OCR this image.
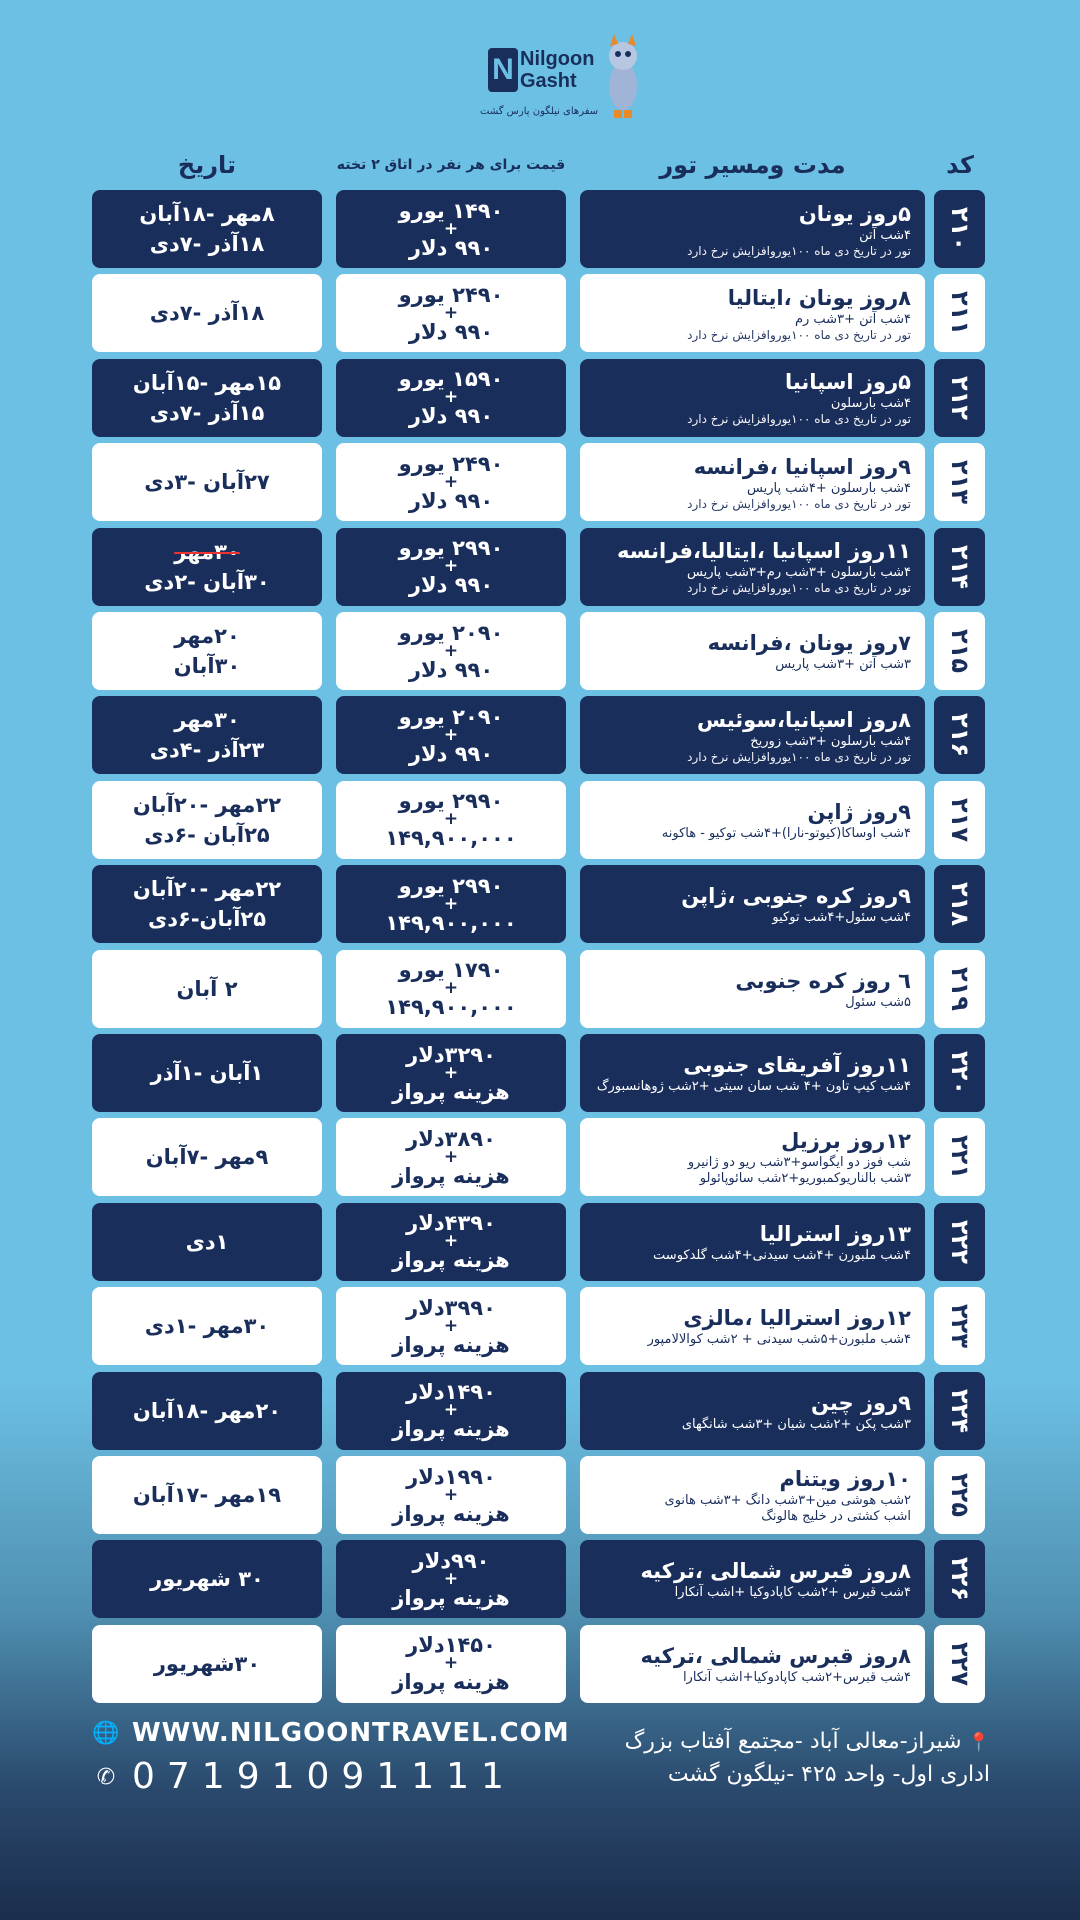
N Nilgoon
Gasht
سفرهای نیلگون پارس گشت
کد
مدت ومسیر تور
قیمت برای هر نفر در اتاق ۲ تخته
تاریخ
۲۱۰
۵روز یونان
۴شب آتن
تور در تاریخ دی ماه ۱۰۰یوروافزایش نرخ دارد
۱۴۹۰ یورو
+
۹۹۰ دلار
۸مهر -۱۸آبان
۱۸آذر -۷دی
۲۱۱
۸روز یونان ،ایتالیا
۴شب آتن +۳شب رم
تور در تاریخ دی ماه ۱۰۰یوروافزایش نرخ دارد
۲۴۹۰ یورو
+
۹۹۰ دلار
۱۸آذر -۷دی
۲۱۲
۵روز اسپانیا
۴شب بارسلون
تور در تاریخ دی ماه ۱۰۰یوروافزایش نرخ دارد
۱۵۹۰ یورو
+
۹۹۰ دلار
۱۵مهر -۱۵آبان
۱۵آذر -۷دی
۲۱۳
۹روز اسپانیا ،فرانسه
۴شب بارسلون +۴شب پاریس
تور در تاریخ دی ماه ۱۰۰یوروافزایش نرخ دارد
۲۴۹۰ یورو
+
۹۹۰ دلار
۲۷آبان -۳دی
۲۱۴
۱۱روز اسپانیا ،ایتالیا،فرانسه
۴شب بارسلون +۳شب رم+۳شب پاریس
تور در تاریخ دی ماه ۱۰۰یوروافزایش نرخ دارد
۲۹۹۰ یورو
+
۹۹۰ دلار
۳۰مهر
۳۰آبان -۲دی
۲۱۵
۷روز یونان ،فرانسه
۳شب آتن +۳شب پاریس
۲۰۹۰ یورو
+
۹۹۰ دلار
۲۰مهر
۳۰آبان
۲۱۶
۸روز اسپانیا،سوئیس
۴شب بارسلون +۳شب زوریخ
تور در تاریخ دی ماه ۱۰۰یوروافزایش نرخ دارد
۲۰۹۰ یورو
+
۹۹۰ دلار
۳۰مهر
۲۳آذر -۴دی
۲۱۷
۹روز ژاپن
۴شب اوساکا(کیوتو-نارا)+۴شب توکیو - هاکونه
۲۹۹۰ یورو
+
۱۴۹,۹۰۰,۰۰۰
۲۲مهر -۲۰آبان
۲۵آبان -۶دی
۲۱۸
۹روز کره جنوبی ،ژاپن
۴شب سئول+۴شب توکیو
۲۹۹۰ یورو
+
۱۴۹,۹۰۰,۰۰۰
۲۲مهر -۲۰آبان
۲۵آبان-۶دی
۲۱۹
٦ روز کره جنوبی
۵شب سئول
۱۷۹۰ یورو
+
۱۴۹,۹۰۰,۰۰۰
۲ آبان
۲۲۰
۱۱روز آفریقای جنوبی
۴شب کیپ تاون +۴ شب سان سیتی +۲شب ژوهانسبورگ
۳۲۹۰دلار
+
هزینه پرواز
۱آبان -۱آذر
۲۲۱
۱۲روز برزیل
شب فوز دو ایگواسو+۳شب ریو دو ژانیرو
۳شب بالناریوکمبوریو+۲شب سائوپائولو
۳۸۹۰دلار
+
هزینه پرواز
۹مهر -۷آبان
۲۲۲
۱۳روز استرالیا
۴شب ملبورن +۴شب سیدنی+۴شب گلدکوست
۴۳۹۰دلار
+
هزینه پرواز
۱دی
۲۲۳
۱۲روز استرالیا ،مالزی
۴شب ملبورن+۵شب سیدنی + ۲شب کوالالامپور
۳۹۹۰دلار
+
هزینه پرواز
۳۰مهر -۱دی
۲۲۴
۹روز چین
۳شب پکن +۲شب شیان +۳شب شانگهای
۱۴۹۰دلار
+
هزینه پرواز
۲۰مهر -۱۸آبان
۲۲۵
۱۰روز ویتنام
۲شب هوشی مین+۳شب دانگ +۳شب هانوی
اشب کشتی در خلیج هالونگ
۱۹۹۰دلار
+
هزینه پرواز
۱۹مهر -۱۷آبان
۲۲۶
۸روز قبرس شمالی ،ترکیه
۴شب قبرس +۲شب کاپادوکیا +اشب آنکارا
۹۹۰دلار
+
هزینه پرواز
۳۰ شهریور
۲۲۷
۸روز قبرس شمالی ،ترکیه
۴شب قبرس+۲شب کاپادوکیا+اشب آنکارا
۱۴۵۰دلار
+
هزینه پرواز
۳۰شهریور
🌐 WWW.NILGOONTRAVEL.COM
✆ 07191091111
📍شیراز-معالی آباد -مجتمع آفتاب بزرگ
اداری اول- واحد ۴۲۵ -نیلگون گشت
